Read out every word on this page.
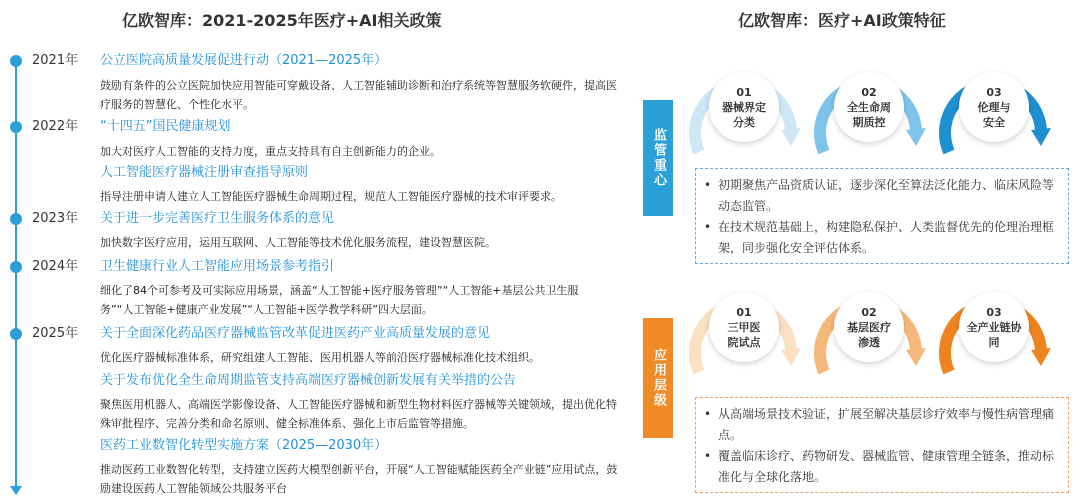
亿欧智库：2021-2025年医疗+AI相关政策	亿欧智库：医疗+AI政策特征
2021年 公立医院高质量发展促进行动（2021—2025年）
鼓励有条件的公立医院加快应用智能可穿戴设备、人工智能辅助诊断和治疗系统等智慧服务软硬件，提高医疗服务的智慧化、个性化水平。
2022年 “十四五”国民健康规划
加大对医疗人工智能的支持力度，重点支持具有自主创新能力的企业。
人工智能医疗器械注册审查指导原则
指导注册申请人建立人工智能医疗器械生命周期过程，规范人工智能医疗器械的技术审评要求。
2023年 关于进一步完善医疗卫生服务体系的意见
加快数字医疗应用，运用互联网、人工智能等技术优化服务流程，建设智慧医院。
2024年 卫生健康行业人工智能应用场景参考指引
细化了84个可参考及可实际应用场景，涵盖“人工智能+医疗服务管理”“人工智能+基层公共卫生服务”“人工智能+健康产业发展”“人工智能+医学教学科研”四大层面。
2025年 关于全面深化药品医疗器械监管改革促进医药产业高质量发展的意见
优化医疗器械标准体系，研究组建人工智能、医用机器人等前沿医疗器械标准化技术组织。
关于发布优化全生命周期监管支持高端医疗器械创新发展有关举措的公告
聚焦医用机器人、高端医学影像设备、人工智能医疗器械和新型生物材料医疗器械等关键领域，提出优化特殊审批程序、完善分类和命名原则、健全标准体系、强化上市后监管等措施。
医药工业数智化转型实施方案（2025—2030年）
推动医药工业数智化转型，支持建立医药大模型创新平台，开展“人工智能赋能医药全产业链”应用试点，鼓励建设医药人工智能领域公共服务平台
监管重心
01
器械界定分类
02
全生命周期质控
03
伦理与安全
• 初期聚焦产品资质认证，逐步深化至算法泛化能力、临床风险等动态监管。
• 在技术规范基础上，构建隐私保护、人类监督优先的伦理治理框架，同步强化安全评估体系。
应用层级
01
三甲医院试点
02
基层医疗渗透
03
全产业链协同
• 从高端场景技术验证，扩展至解决基层诊疗效率与慢性病管理痛点。
• 覆盖临床诊疗、药物研发、器械监管、健康管理全链条，推动标准化与全球化落地。
